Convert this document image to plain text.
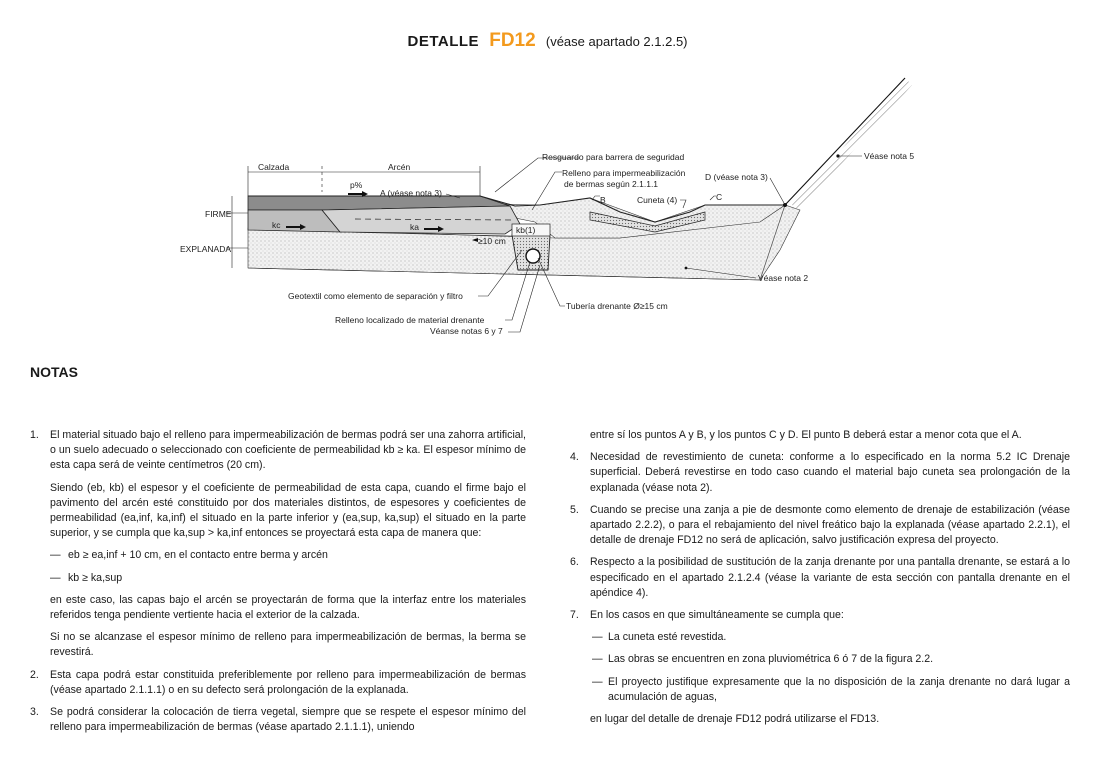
DETALLE FD12 (véase apartado 2.1.2.5)
Calzada	Arcén
p%
FIRME
EXPLANADA
kc	ka	kb(1)
≥10 cm
A (véase nota 3)
Resguardo para barrera de seguridad
Relleno para impermeabilización
de bermas según 2.1.1.1
B	Cuneta (4)	C
D (véase nota 3)
Véase nota 5
Véase nota 2
Geotextil como elemento de separación y filtro
Relleno localizado de material drenante
Véanse notas 6 y 7
Tubería drenante Ø≥15 cm
NOTAS
1. El material situado bajo el relleno para impermeabilización de bermas podrá ser una zahorra artificial, o un suelo adecuado o seleccionado con coeficiente de permeabilidad kb ≥ ka. El espesor mínimo de esta capa será de veinte centímetros (20 cm).

Siendo (eb, kb) el espesor y el coeficiente de permeabilidad de esta capa, cuando el firme bajo el pavimento del arcén esté constituido por dos materiales distintos, de espesores y coeficientes de permeabilidad (ea,inf, ka,inf) el situado en la parte inferior y (ea,sup, ka,sup) el situado en la parte superior, y se cumpla que ka,sup > ka,inf entonces se proyectará esta capa de manera que:

— eb ≥ ea,inf + 10 cm, en el contacto entre berma y arcén
— kb ≥ ka,sup

en este caso, las capas bajo el arcén se proyectarán de forma que la interfaz entre los materiales referidos tenga pendiente vertiente hacia el exterior de la calzada.

Si no se alcanzase el espesor mínimo de relleno para impermeabilización de bermas, la berma se revestirá.

2. Esta capa podrá estar constituida preferiblemente por relleno para impermeabilización de bermas (véase apartado 2.1.1.1) o en su defecto será prolongación de la explanada.

3. Se podrá considerar la colocación de tierra vegetal, siempre que se respete el espesor mínimo del relleno para impermeabilización de bermas (véase apartado 2.1.1.1), uniendo

entre sí los puntos A y B, y los puntos C y D. El punto B deberá estar a menor cota que el A.

4. Necesidad de revestimiento de cuneta: conforme a lo especificado en la norma 5.2 IC Drenaje superficial. Deberá revestirse en todo caso cuando el material bajo cuneta sea prolongación de la explanada (véase nota 2).

5. Cuando se precise una zanja a pie de desmonte como elemento de drenaje de estabilización (véase apartado 2.2.2), o para el rebajamiento del nivel freático bajo la explanada (véase apartado 2.2.1), el detalle de drenaje FD12 no será de aplicación, salvo justificación expresa del proyecto.

6. Respecto a la posibilidad de sustitución de la zanja drenante por una pantalla drenante, se estará a lo especificado en el apartado 2.1.2.4 (véase la variante de esta sección con pantalla drenante en el apéndice 4).

7. En los casos en que simultáneamente se cumpla que:

— La cuneta esté revestida.
— Las obras se encuentren en zona pluviométrica 6 ó 7 de la figura 2.2.
— El proyecto justifique expresamente que la no disposición de la zanja drenante no dará lugar a acumulación de aguas,

en lugar del detalle de drenaje FD12 podrá utilizarse el FD13.
